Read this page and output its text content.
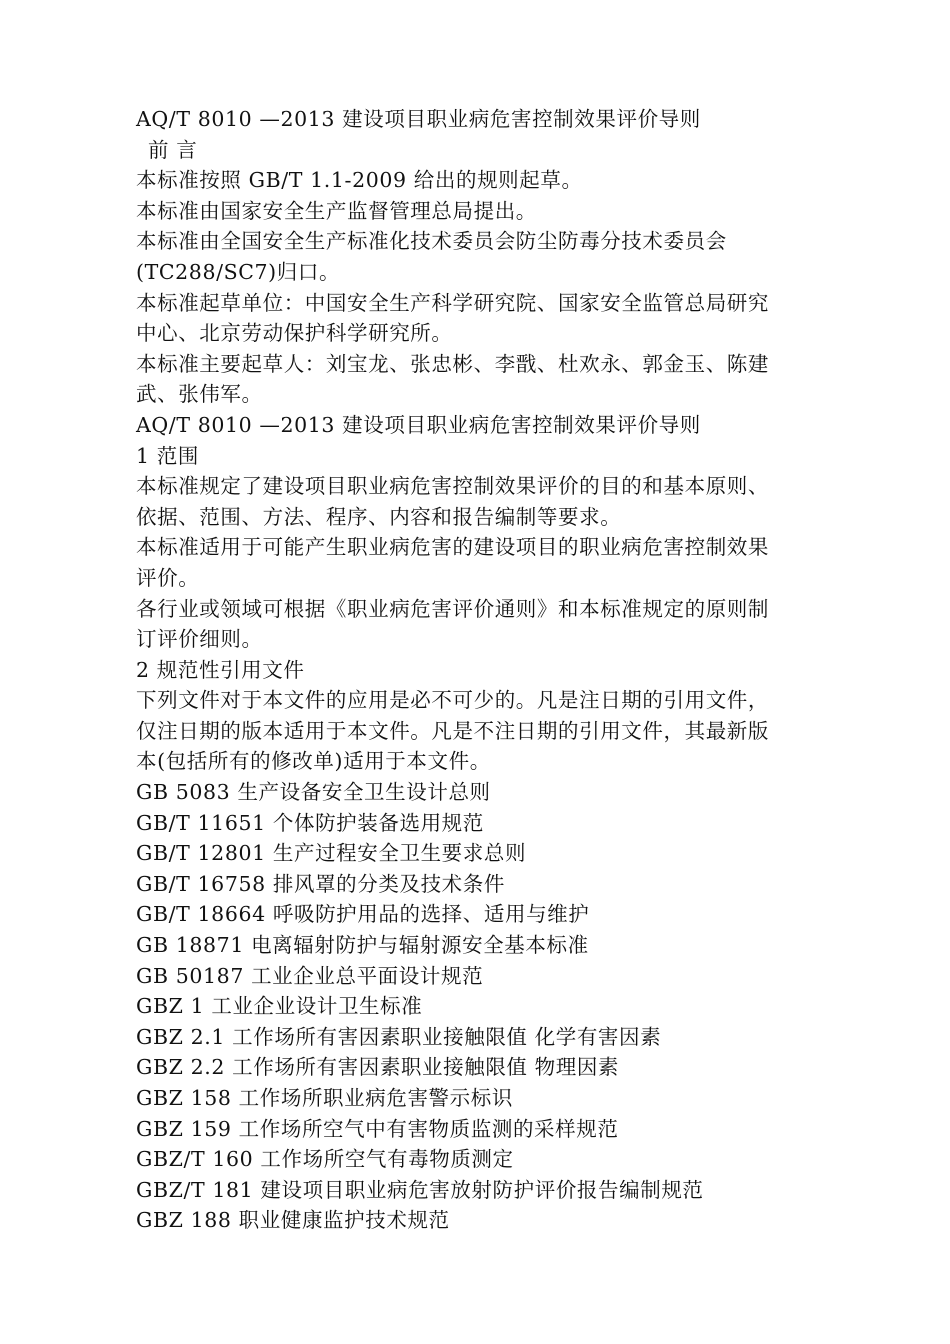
AQ/T 8010 —2013 建设项目职业病危害控制效果评价导则
前 言
本标准按照 GB/T 1.1-2009 给出的规则起草。
本标准由国家安全生产监督管理总局提出。
本标准由全国安全生产标准化技术委员会防尘防毒分技术委员会
(TC288/SC7)归口。
本标准起草单位：中国安全生产科学研究院、国家安全监管总局研究
中心、北京劳动保护科学研究所。
本标准主要起草人：刘宝龙、张忠彬、李戬、杜欢永、郭金玉、陈建
武、张伟军。
AQ/T 8010 —2013 建设项目职业病危害控制效果评价导则
1 范围
本标准规定了建设项目职业病危害控制效果评价的目的和基本原则、
依据、范围、方法、程序、内容和报告编制等要求。
本标准适用于可能产生职业病危害的建设项目的职业病危害控制效果
评价。
各行业或领域可根据《职业病危害评价通则》和本标准规定的原则制
订评价细则。
2 规范性引用文件
下列文件对于本文件的应用是必不可少的。凡是注日期的引用文件，
仅注日期的版本适用于本文件。凡是不注日期的引用文件，其最新版
本(包括所有的修改单)适用于本文件。
GB 5083 生产设备安全卫生设计总则
GB/T 11651 个体防护装备选用规范
GB/T 12801 生产过程安全卫生要求总则
GB/T 16758 排风罩的分类及技术条件
GB/T 18664 呼吸防护用品的选择、适用与维护
GB 18871 电离辐射防护与辐射源安全基本标准
GB 50187 工业企业总平面设计规范
GBZ 1 工业企业设计卫生标准
GBZ 2.1 工作场所有害因素职业接触限值 化学有害因素
GBZ 2.2 工作场所有害因素职业接触限值 物理因素
GBZ 158 工作场所职业病危害警示标识
GBZ 159 工作场所空气中有害物质监测的采样规范
GBZ/T 160 工作场所空气有毒物质测定
GBZ/T 181 建设项目职业病危害放射防护评价报告编制规范
GBZ 188 职业健康监护技术规范
